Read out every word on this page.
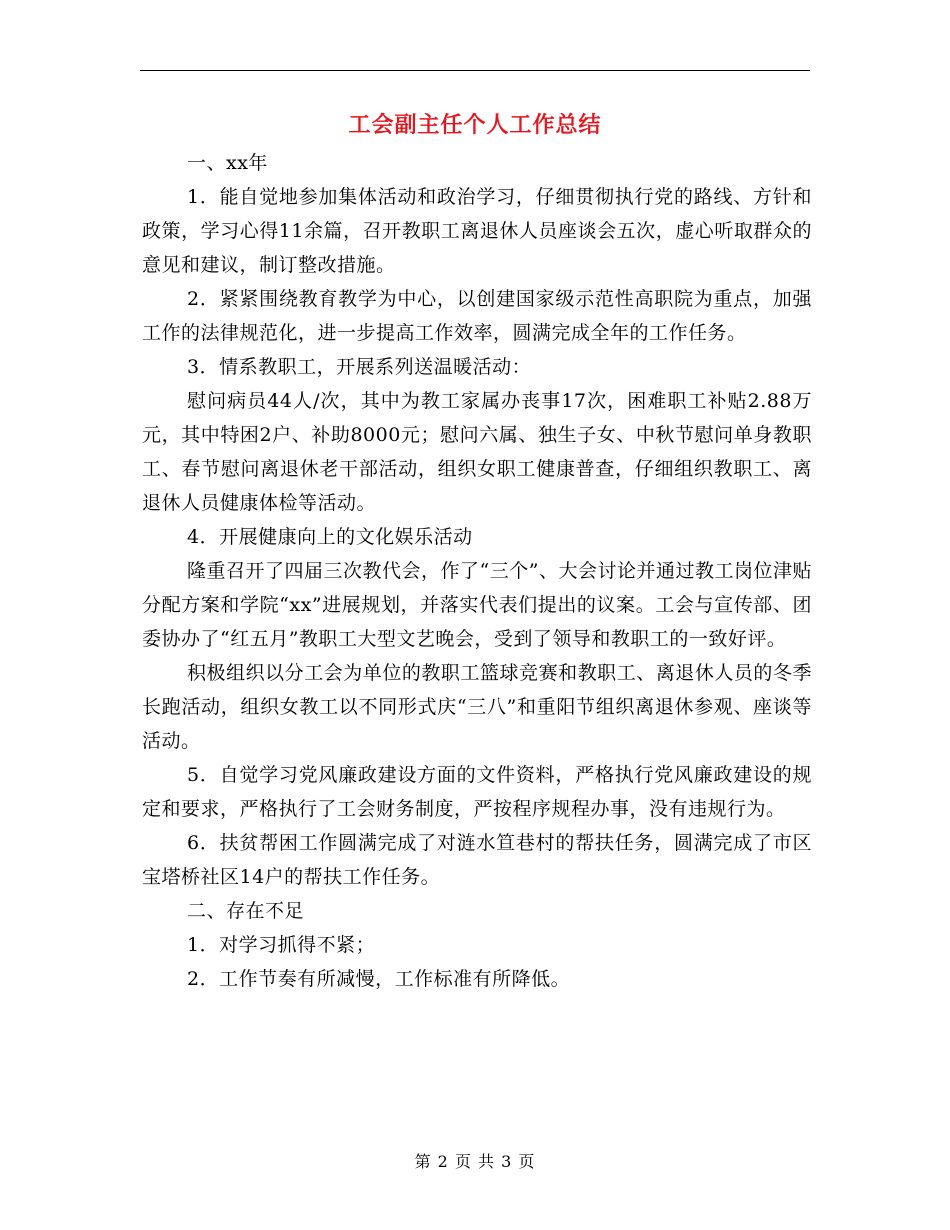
工会副主任个人工作总结

一、xx年

1．能自觉地参加集体活动和政治学习，仔细贯彻执行党的路线、方针和政策，学习心得11余篇，召开教职工离退休人员座谈会五次，虚心听取群众的意见和建议，制订整改措施。

2．紧紧围绕教育教学为中心，以创建国家级示范性高职院为重点，加强工作的法律规范化，进一步提高工作效率，圆满完成全年的工作任务。

3．情系教职工，开展系列送温暖活动：

慰问病员44人/次，其中为教工家属办丧事17次，困难职工补贴2.88万元，其中特困2户、补助8000元；慰问六属、独生子女、中秋节慰问单身教职工、春节慰问离退休老干部活动，组织女职工健康普查，仔细组织教职工、离退休人员健康体检等活动。

4．开展健康向上的文化娱乐活动

隆重召开了四届三次教代会，作了“三个”、大会讨论并通过教工岗位津贴分配方案和学院“xx”进展规划，并落实代表们提出的议案。工会与宣传部、团委协办了“红五月”教职工大型文艺晚会，受到了领导和教职工的一致好评。

积极组织以分工会为单位的教职工篮球竞赛和教职工、离退休人员的冬季长跑活动，组织女教工以不同形式庆“三八”和重阳节组织离退休参观、座谈等活动。

5．自觉学习党风廉政建设方面的文件资料，严格执行党风廉政建设的规定和要求，严格执行了工会财务制度，严按程序规程办事，没有违规行为。

6．扶贫帮困工作圆满完成了对涟水笪巷村的帮扶任务，圆满完成了市区宝塔桥社区14户的帮扶工作任务。

二、存在不足

1．对学习抓得不紧；

2．工作节奏有所减慢，工作标准有所降低。

第 2 页 共 3 页
